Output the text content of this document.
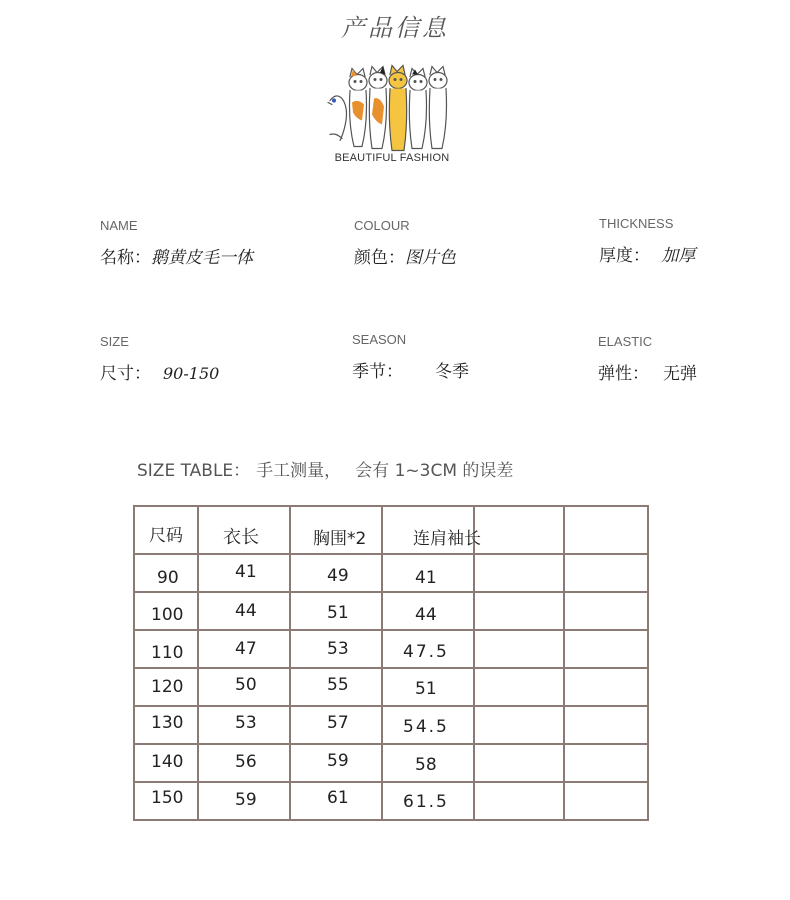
产品信息
BEAUTIFUL FASHION
NAME
名称：鹅黄皮毛一体
COLOUR
颜色：图片色
THICKNESS
厚度： 加厚
SIZE
尺寸： 90-150
SEASON
季节： 冬季
ELASTIC
弹性： 无弹
SIZE TABLE： 手工测量， 会有 1~3CM 的误差
尺码	衣长	胸围*2	连肩袖长		

90	41	49	41		

100	44	51	44		

110	47	53	47.5		

120	50	55	51		

130	53	57	54.5		

140	56	59	58		

150	59	61	61.5		
